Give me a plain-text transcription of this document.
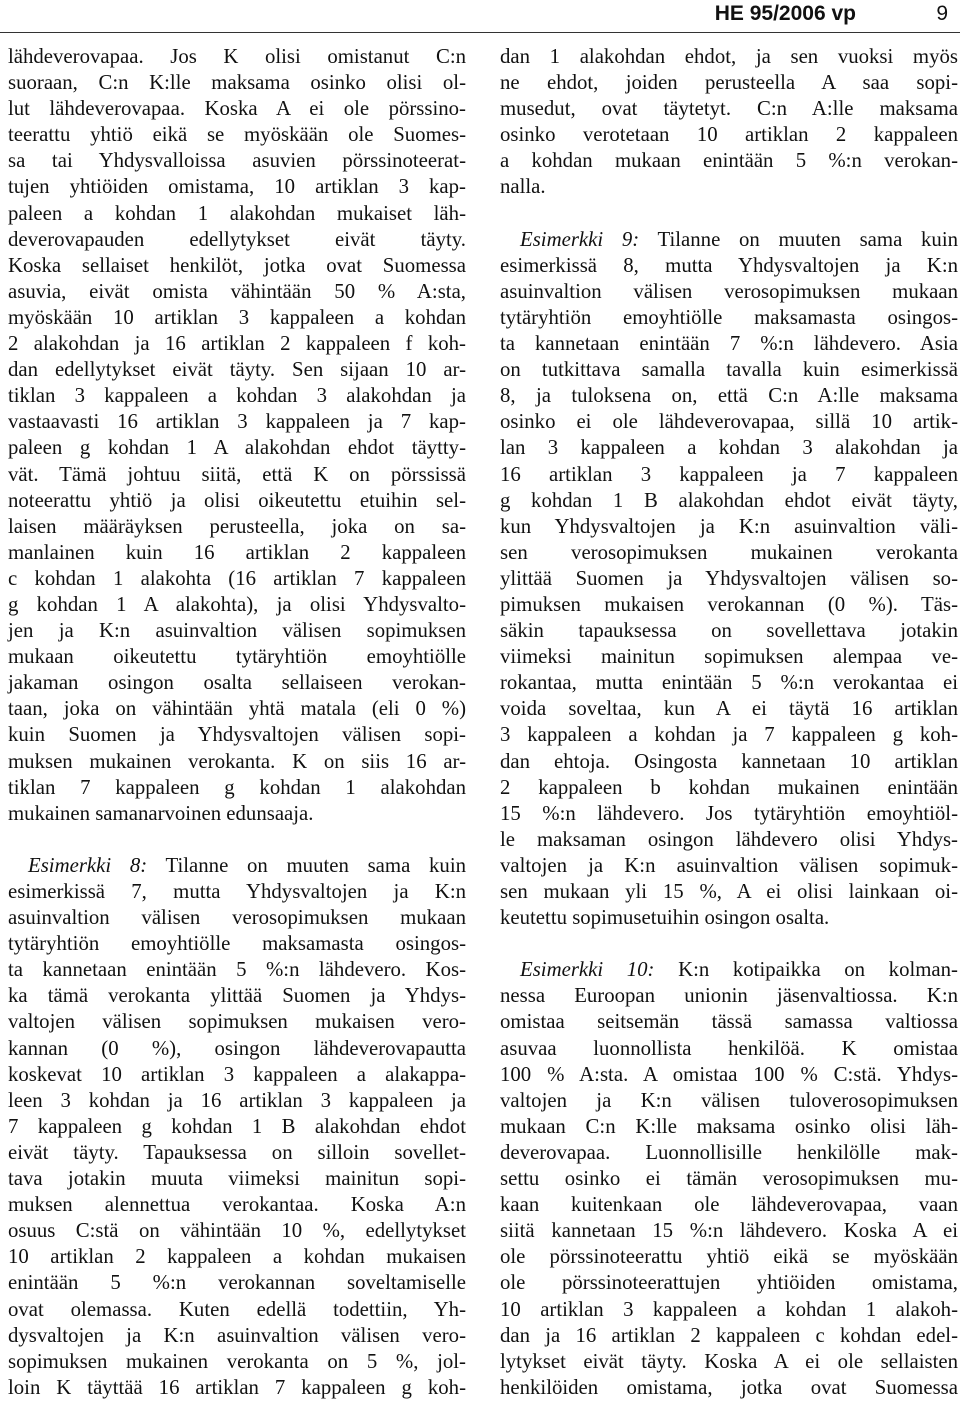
HE 95/2006 vp	9
lähdeverovapaa. Jos K olisi omistanut C:n
suoraan, C:n K:lle maksama osinko olisi ol-
lut lähdeverovapaa. Koska A ei ole pörssino-
teerattu yhtiö eikä se myöskään ole Suomes-
sa tai Yhdysvalloissa asuvien pörssinoteerat-
tujen yhtiöiden omistama, 10 artiklan 3 kap-
paleen a kohdan 1 alakohdan mukaiset läh-
deverovapauden edellytykset eivät täyty.
Koska sellaiset henkilöt, jotka ovat Suomessa
asuvia, eivät omista vähintään 50 % A:sta,
myöskään 10 artiklan 3 kappaleen a kohdan
2 alakohdan ja 16 artiklan 2 kappaleen f koh-
dan edellytykset eivät täyty. Sen sijaan 10 ar-
tiklan 3 kappaleen a kohdan 3 alakohdan ja
vastaavasti 16 artiklan 3 kappaleen ja 7 kap-
paleen g kohdan 1 A alakohdan ehdot täytty-
vät. Tämä johtuu siitä, että K on pörssissä
noteerattu yhtiö ja olisi oikeutettu etuihin sel-
laisen määräyksen perusteella, joka on sa-
manlainen kuin 16 artiklan 2 kappaleen
c kohdan 1 alakohta (16 artiklan 7 kappaleen
g kohdan 1 A alakohta), ja olisi Yhdysvalto-
jen ja K:n asuinvaltion välisen sopimuksen
mukaan oikeutettu tytäryhtiön emoyhtiölle
jakaman osingon osalta sellaiseen verokan-
taan, joka on vähintään yhtä matala (eli 0 %)
kuin Suomen ja Yhdysvaltojen välisen sopi-
muksen mukainen verokanta. K on siis 16 ar-
tiklan 7 kappaleen g kohdan 1 alakohdan
mukainen samanarvoinen edunsaaja.
Esimerkki 8: Tilanne on muuten sama kuin
esimerkissä 7, mutta Yhdysvaltojen ja K:n
asuinvaltion välisen verosopimuksen mukaan
tytäryhtiön emoyhtiölle maksamasta osingos-
ta kannetaan enintään 5 %:n lähdevero. Kos-
ka tämä verokanta ylittää Suomen ja Yhdys-
valtojen välisen sopimuksen mukaisen vero-
kannan (0 %), osingon lähdeverovapautta
koskevat 10 artiklan 3 kappaleen a alakappa-
leen 3 kohdan ja 16 artiklan 3 kappaleen ja
7 kappaleen g kohdan 1 B alakohdan ehdot
eivät täyty. Tapauksessa on silloin sovellet-
tava jotakin muuta viimeksi mainitun sopi-
muksen alennettua verokantaa. Koska A:n
osuus C:stä on vähintään 10 %, edellytykset
10 artiklan 2 kappaleen a kohdan mukaisen
enintään 5 %:n verokannan soveltamiselle
ovat olemassa. Kuten edellä todettiin, Yh-
dysvaltojen ja K:n asuinvaltion välisen vero-
sopimuksen mukainen verokanta on 5 %, jol-
loin K täyttää 16 artiklan 7 kappaleen g koh-
dan 1 alakohdan ehdot, ja sen vuoksi myös
ne ehdot, joiden perusteella A saa sopi-
musedut, ovat täytetyt. C:n A:lle maksama
osinko verotetaan 10 artiklan 2 kappaleen
a kohdan mukaan enintään 5 %:n verokan-
nalla.
Esimerkki 9: Tilanne on muuten sama kuin
esimerkissä 8, mutta Yhdysvaltojen ja K:n
asuinvaltion välisen verosopimuksen mukaan
tytäryhtiön emoyhtiölle maksamasta osingos-
ta kannetaan enintään 7 %:n lähdevero. Asia
on tutkittava samalla tavalla kuin esimerkissä
8, ja tuloksena on, että C:n A:lle maksama
osinko ei ole lähdeverovapaa, sillä 10 artik-
lan 3 kappaleen a kohdan 3 alakohdan ja
16 artiklan 3 kappaleen ja 7 kappaleen
g kohdan 1 B alakohdan ehdot eivät täyty,
kun Yhdysvaltojen ja K:n asuinvaltion väli-
sen verosopimuksen mukainen verokanta
ylittää Suomen ja Yhdysvaltojen välisen so-
pimuksen mukaisen verokannan (0 %). Täs-
säkin tapauksessa on sovellettava jotakin
viimeksi mainitun sopimuksen alempaa ve-
rokantaa, mutta enintään 5 %:n verokantaa ei
voida soveltaa, kun A ei täytä 16 artiklan
3 kappaleen a kohdan ja 7 kappaleen g koh-
dan ehtoja. Osingosta kannetaan 10 artiklan
2 kappaleen b kohdan mukainen enintään
15 %:n lähdevero. Jos tytäryhtiön emoyhtiöl-
le maksaman osingon lähdevero olisi Yhdys-
valtojen ja K:n asuinvaltion välisen sopimuk-
sen mukaan yli 15 %, A ei olisi lainkaan oi-
keutettu sopimusetuihin osingon osalta.
Esimerkki 10: K:n kotipaikka on kolman-
nessa Euroopan unionin jäsenvaltiossa. K:n
omistaa seitsemän tässä samassa valtiossa
asuvaa luonnollista henkilöä. K omistaa
100 % A:sta. A omistaa 100 % C:stä. Yhdys-
valtojen ja K:n välisen tuloverosopimuksen
mukaan C:n K:lle maksama osinko olisi läh-
deverovapaa. Luonnollisille henkilölle mak-
settu osinko ei tämän verosopimuksen mu-
kaan kuitenkaan ole lähdeverovapaa, vaan
siitä kannetaan 15 %:n lähdevero. Koska A ei
ole pörssinoteerattu yhtiö eikä se myöskään
ole pörssinoteerattujen yhtiöiden omistama,
10 artiklan 3 kappaleen a kohdan 1 alakoh-
dan ja 16 artiklan 2 kappaleen c kohdan edel-
lytykset eivät täyty. Koska A ei ole sellaisten
henkilöiden omistama, jotka ovat Suomessa
